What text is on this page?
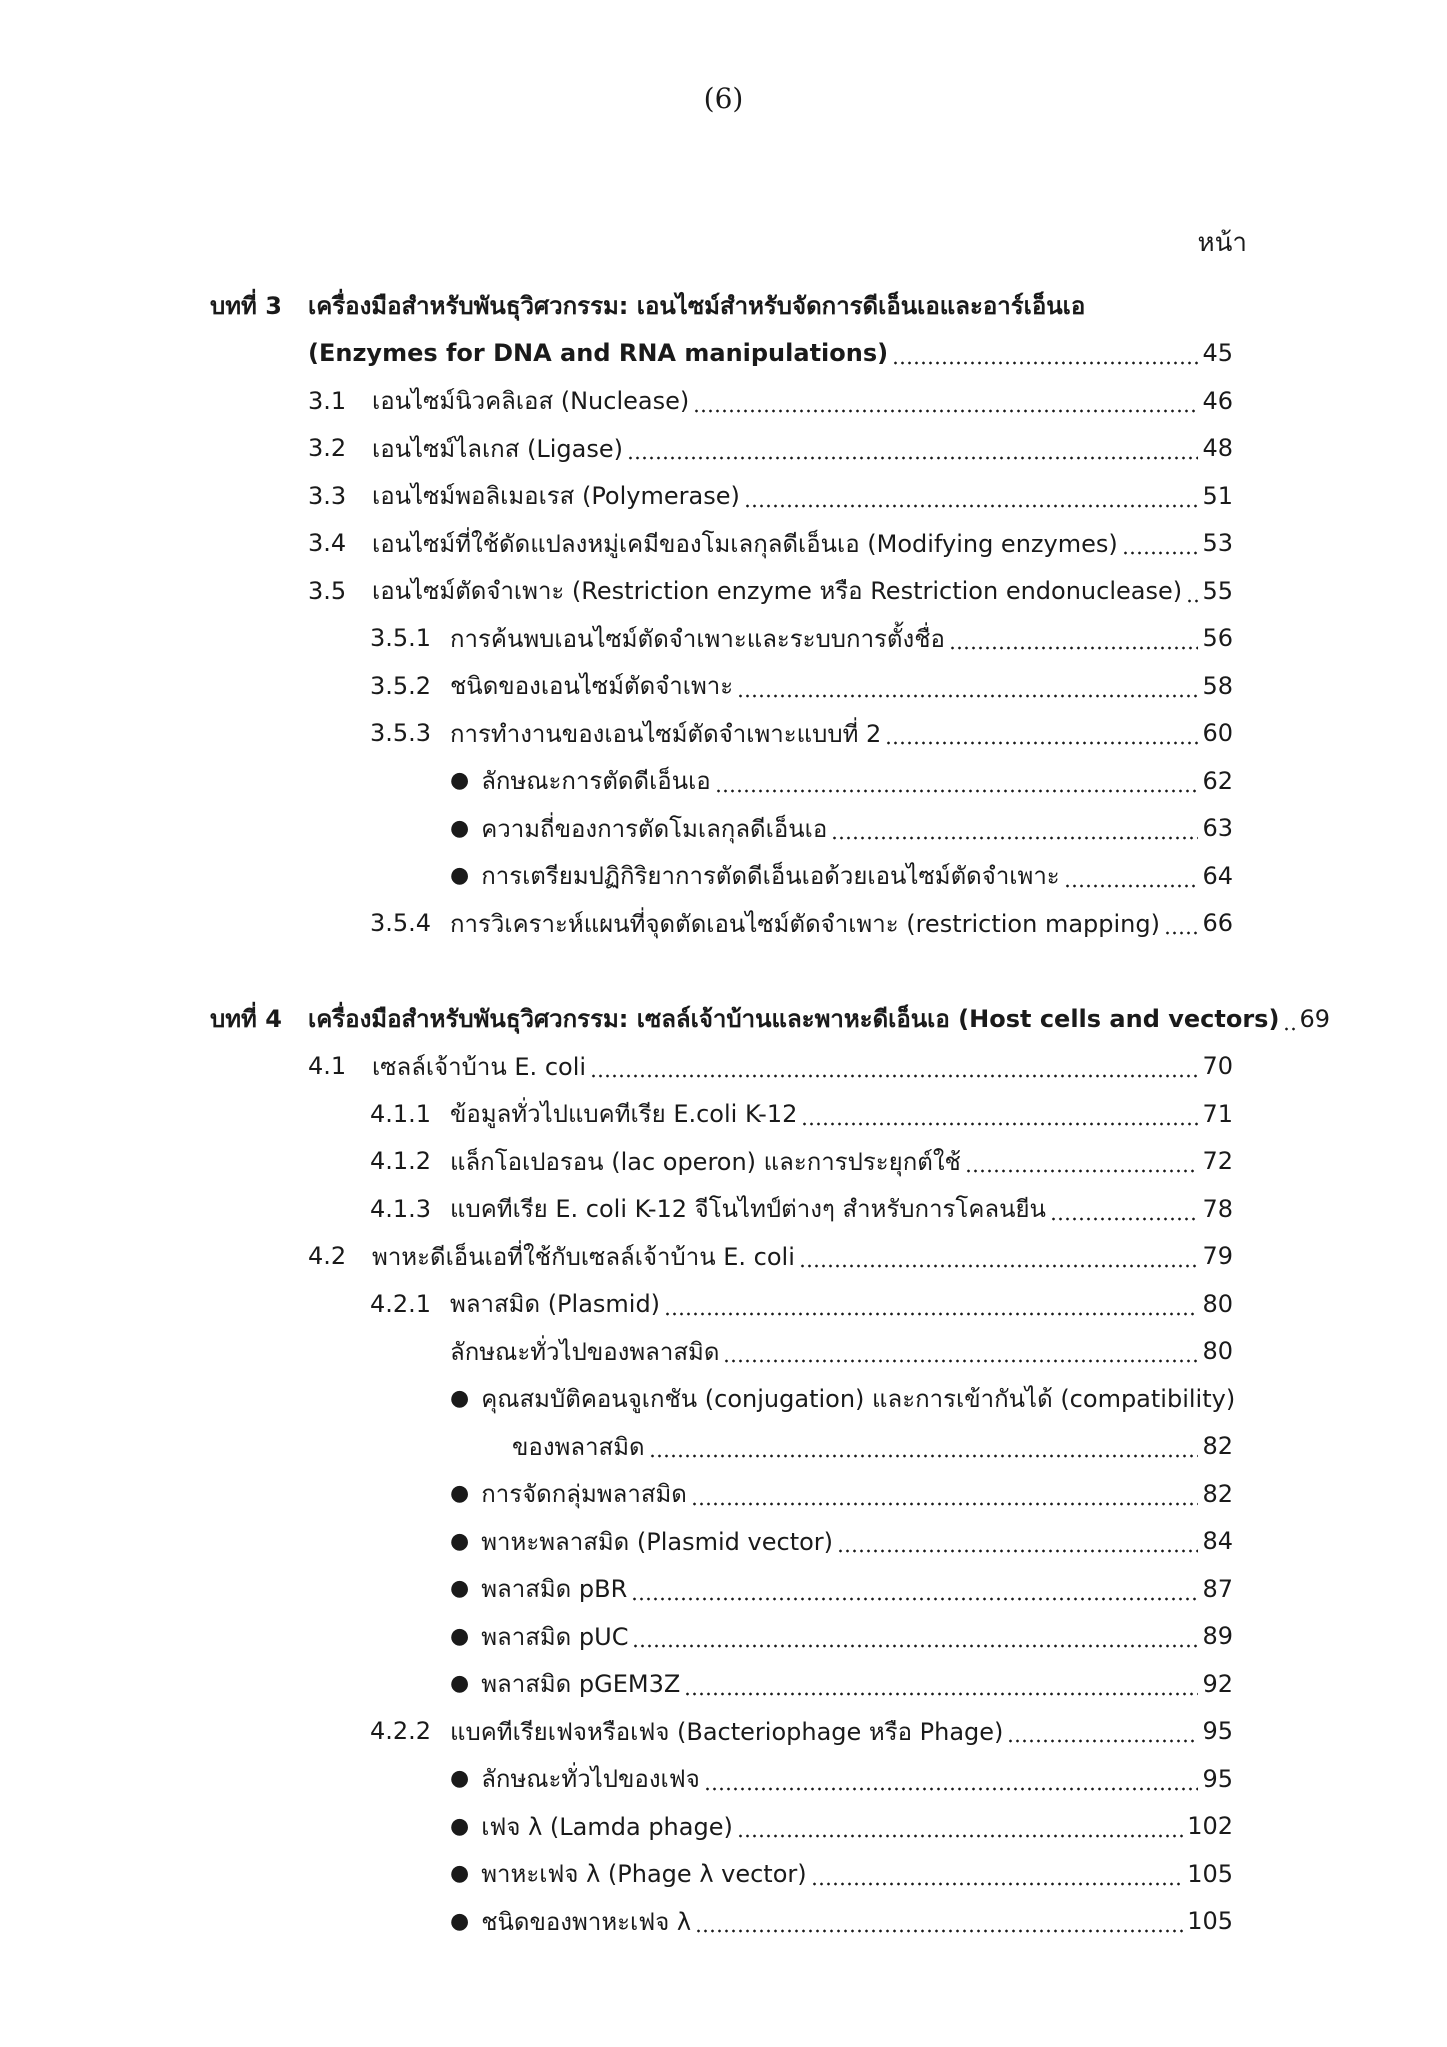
(6)
หน้า
บทที่ 3 เครื่องมือสำหรับพันธุวิศวกรรม: เอนไซม์สำหรับจัดการดีเอ็นเอและอาร์เอ็นเอ
(Enzymes for DNA and RNA manipulations)	45
3.1	เอนไซม์นิวคลิเอส (Nuclease)	46
3.2	เอนไซม์ไลเกส (Ligase)	48
3.3	เอนไซม์พอลิเมอเรส (Polymerase)	51
3.4	เอนไซม์ที่ใช้ดัดแปลงหมู่เคมีของโมเลกุลดีเอ็นเอ (Modifying enzymes)	53
3.5	เอนไซม์ตัดจำเพาะ (Restriction enzyme หรือ Restriction endonuclease) 55
3.5.1 การค้นพบเอนไซม์ตัดจำเพาะและระบบการตั้งชื่อ	56
3.5.2 ชนิดของเอนไซม์ตัดจำเพาะ	58
3.5.3 การทำงานของเอนไซม์ตัดจำเพาะแบบที่ 2	60
● ลักษณะการตัดดีเอ็นเอ	62
● ความถี่ของการตัดโมเลกุลดีเอ็นเอ	63
● การเตรียมปฏิกิริยาการตัดดีเอ็นเอด้วยเอนไซม์ตัดจำเพาะ	64
3.5.4 การวิเคราะห์แผนที่จุดตัดเอนไซม์ตัดจำเพาะ (restriction mapping) 66
บทที่ 4 เครื่องมือสำหรับพันธุวิศวกรรม: เซลล์เจ้าบ้านและพาหะดีเอ็นเอ (Host cells and vectors) 69
4.1	เซลล์เจ้าบ้าน E. coli	70
4.1.1 ข้อมูลทั่วไปแบคทีเรีย E.coli K-12	71
4.1.2 แล็กโอเปอรอน (lac operon) และการประยุกต์ใช้	72
4.1.3 แบคทีเรีย E. coli K-12 จีโนไทป์ต่างๆ สำหรับการโคลนยีน	78
4.2	พาหะดีเอ็นเอที่ใช้กับเซลล์เจ้าบ้าน E. coli	79
4.2.1 พลาสมิด (Plasmid)	80
ลักษณะทั่วไปของพลาสมิด	80
● คุณสมบัติคอนจูเกชัน (conjugation) และการเข้ากันได้ (compatibility)
ของพลาสมิด	82
● การจัดกลุ่มพลาสมิด	82
● พาหะพลาสมิด (Plasmid vector)	84
● พลาสมิด pBR	87
● พลาสมิด pUC	89
● พลาสมิด pGEM3Z	92
4.2.2 แบคทีเรียเฟจหรือเฟจ (Bacteriophage หรือ Phage)	95
● ลักษณะทั่วไปของเฟจ	95
● เฟจ λ (Lamda phage)	102
● พาหะเฟจ λ (Phage λ vector)	105
● ชนิดของพาหะเฟจ λ	105
